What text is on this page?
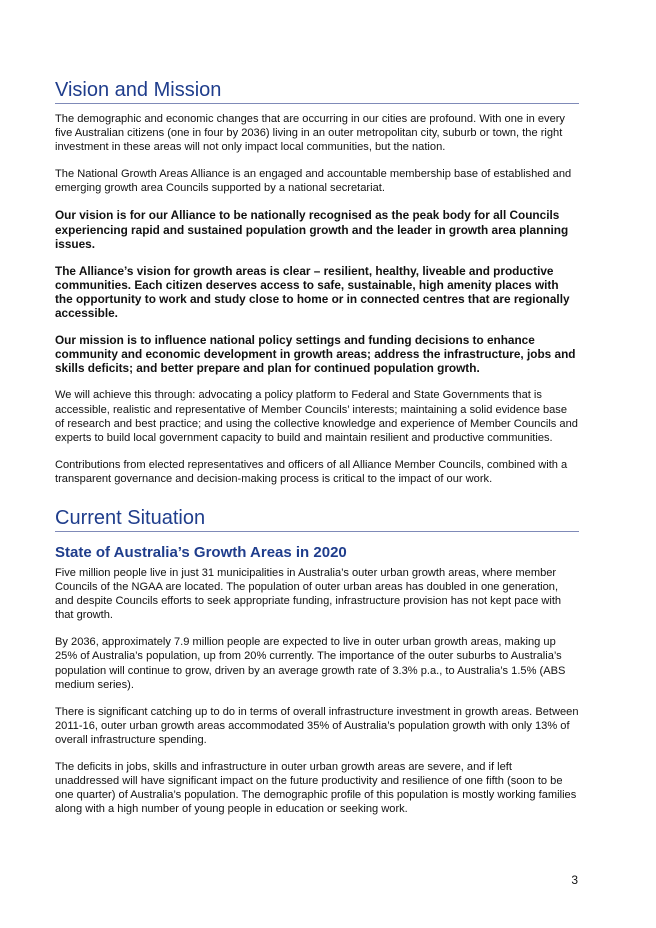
Vision and Mission

The demographic and economic changes that are occurring in our cities are profound. With one in every five Australian citizens (one in four by 2036) living in an outer metropolitan city, suburb or town, the right investment in these areas will not only impact local communities, but the nation.

The National Growth Areas Alliance is an engaged and accountable membership base of established and emerging growth area Councils supported by a national secretariat.

Our vision is for our Alliance to be nationally recognised as the peak body for all Councils experiencing rapid and sustained population growth and the leader in growth area planning issues.

The Alliance’s vision for growth areas is clear – resilient, healthy, liveable and productive communities. Each citizen deserves access to safe, sustainable, high amenity places with the opportunity to work and study close to home or in connected centres that are regionally accessible.

Our mission is to influence national policy settings and funding decisions to enhance community and economic development in growth areas; address the infrastructure, jobs and skills deficits; and better prepare and plan for continued population growth.

We will achieve this through: advocating a policy platform to Federal and State Governments that is accessible, realistic and representative of Member Councils’ interests; maintaining a solid evidence base of research and best practice; and using the collective knowledge and experience of Member Councils and experts to build local government capacity to build and maintain resilient and productive communities.

Contributions from elected representatives and officers of all Alliance Member Councils, combined with a transparent governance and decision-making process is critical to the impact of our work.

Current Situation
State of Australia’s Growth Areas in 2020

Five million people live in just 31 municipalities in Australia’s outer urban growth areas, where member Councils of the NGAA are located. The population of outer urban areas has doubled in one generation, and despite Councils efforts to seek appropriate funding, infrastructure provision has not kept pace with that growth.

By 2036, approximately 7.9 million people are expected to live in outer urban growth areas, making up 25% of Australia’s population, up from 20% currently. The importance of the outer suburbs to Australia’s population will continue to grow, driven by an average growth rate of 3.3% p.a., to Australia’s 1.5% (ABS medium series).

There is significant catching up to do in terms of overall infrastructure investment in growth areas. Between 2011-16, outer urban growth areas accommodated 35% of Australia’s population growth with only 13% of overall infrastructure spending.

The deficits in jobs, skills and infrastructure in outer urban growth areas are severe, and if left unaddressed will have significant impact on the future productivity and resilience of one fifth (soon to be one quarter) of Australia’s population. The demographic profile of this population is mostly working families along with a high number of young people in education or seeking work.

3
